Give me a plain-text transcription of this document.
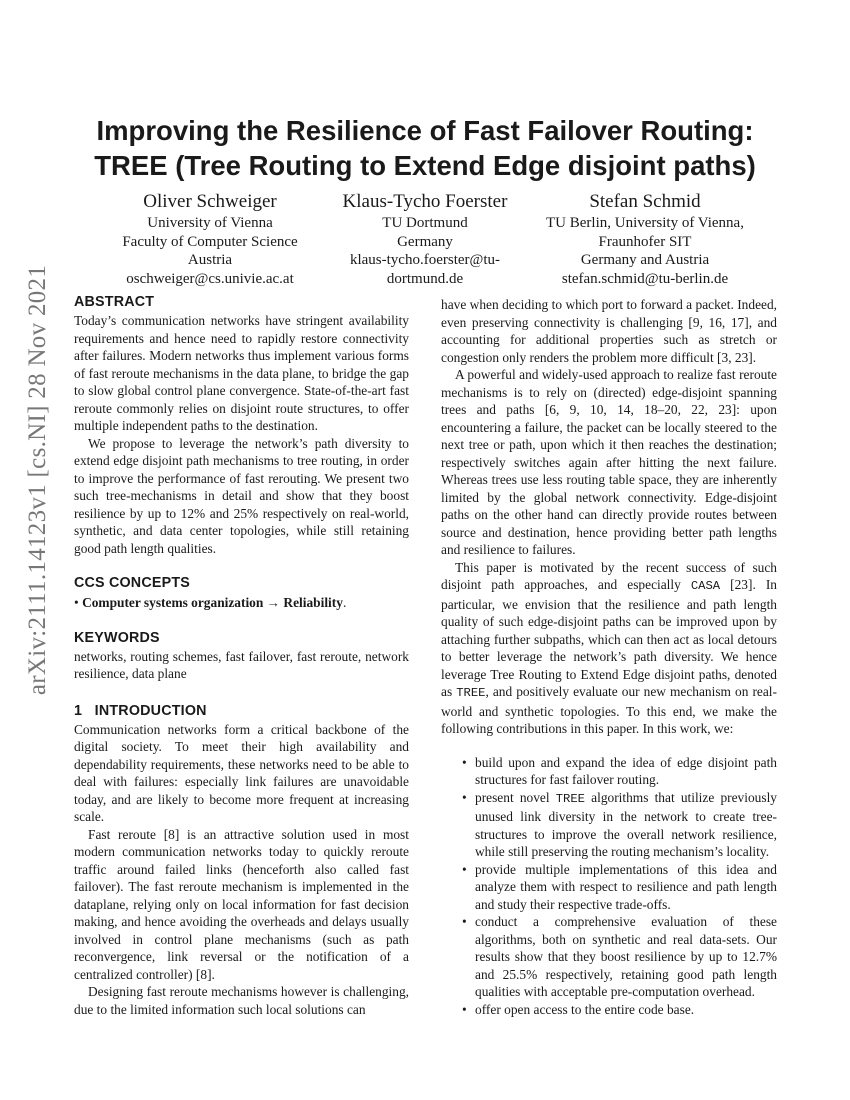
Improving the Resilience of Fast Failover Routing:
TREE (Tree Routing to Extend Edge disjoint paths)
Oliver Schweiger
University of Vienna
Faculty of Computer Science
Austria
oschweiger@cs.univie.ac.at
Klaus-Tycho Foerster
TU Dortmund
Germany
klaus-tycho.foerster@tu-
dortmund.de
Stefan Schmid
TU Berlin, University of Vienna,
Fraunhofer SIT
Germany and Austria
stefan.schmid@tu-berlin.de
arXiv:2111.14123v1 [cs.NI] 28 Nov 2021 ABSTRACT

Today’s communication networks have stringent availability requirements and hence need to rapidly restore connectivity after failures. Modern networks thus implement various forms of fast reroute mechanisms in the data plane, to bridge the gap to slow global control plane convergence. State-of-the-art fast reroute commonly relies on disjoint route structures, to offer multiple independent paths to the destination.

We propose to leverage the network’s path diversity to extend edge disjoint path mechanisms to tree routing, in order to improve the performance of fast rerouting. We present two such tree-mechanisms in detail and show that they boost resilience by up to 12% and 25% respectively on real-world, synthetic, and data center topologies, while still retaining good path length qualities.

CCS CONCEPTS

• Computer systems organization → Reliability.

KEYWORDS

networks, routing schemes, fast failover, fast reroute, network resilience, data plane

1   INTRODUCTION

Communication networks form a critical backbone of the digital society. To meet their high availability and dependability requirements, these networks need to be able to deal with failures: especially link failures are unavoidable today, and are likely to become more frequent at increasing scale.

Fast reroute [8] is an attractive solution used in most modern communication networks today to quickly reroute traffic around failed links (henceforth also called fast failover). The fast reroute mechanism is implemented in the dataplane, relying only on local information for fast decision making, and hence avoiding the overheads and delays usually involved in control plane mechanisms (such as path reconvergence, link reversal or the notification of a centralized controller) [8].

Designing fast reroute mechanisms however is challenging, due to the limited information such local solutions can

have when deciding to which port to forward a packet. Indeed, even preserving connectivity is challenging [9, 16, 17], and accounting for additional properties such as stretch or congestion only renders the problem more difficult [3, 23].

A powerful and widely-used approach to realize fast reroute mechanisms is to rely on (directed) edge-disjoint spanning trees and paths [6, 9, 10, 14, 18–20, 22, 23]: upon encountering a failure, the packet can be locally steered to the next tree or path, upon which it then reaches the destination; respectively switches again after hitting the next failure. Whereas trees use less routing table space, they are inherently limited by the global network connectivity. Edge-disjoint paths on the other hand can directly provide routes between source and destination, hence providing better path lengths and resilience to failures.

This paper is motivated by the recent success of such disjoint path approaches, and especially CASA [23]. In particular, we envision that the resilience and path length quality of such edge-disjoint paths can be improved upon by attaching further subpaths, which can then act as local detours to better leverage the network’s path diversity. We hence leverage Tree Routing to Extend Edge disjoint paths, denoted as TREE, and positively evaluate our new mechanism on real-world and synthetic topologies. To this end, we make the following contributions in this paper. In this work, we:

• build upon and expand the idea of edge disjoint path structures for fast failover routing.
• present novel TREE algorithms that utilize previously unused link diversity in the network to create tree-structures to improve the overall network resilience, while still preserving the routing mechanism’s locality.
• provide multiple implementations of this idea and analyze them with respect to resilience and path length and study their respective trade-offs.
• conduct a comprehensive evaluation of these algorithms, both on synthetic and real data-sets. Our results show that they boost resilience by up to 12.7% and 25.5% respectively, retaining good path length qualities with acceptable pre-computation overhead.
• offer open access to the entire code base.
